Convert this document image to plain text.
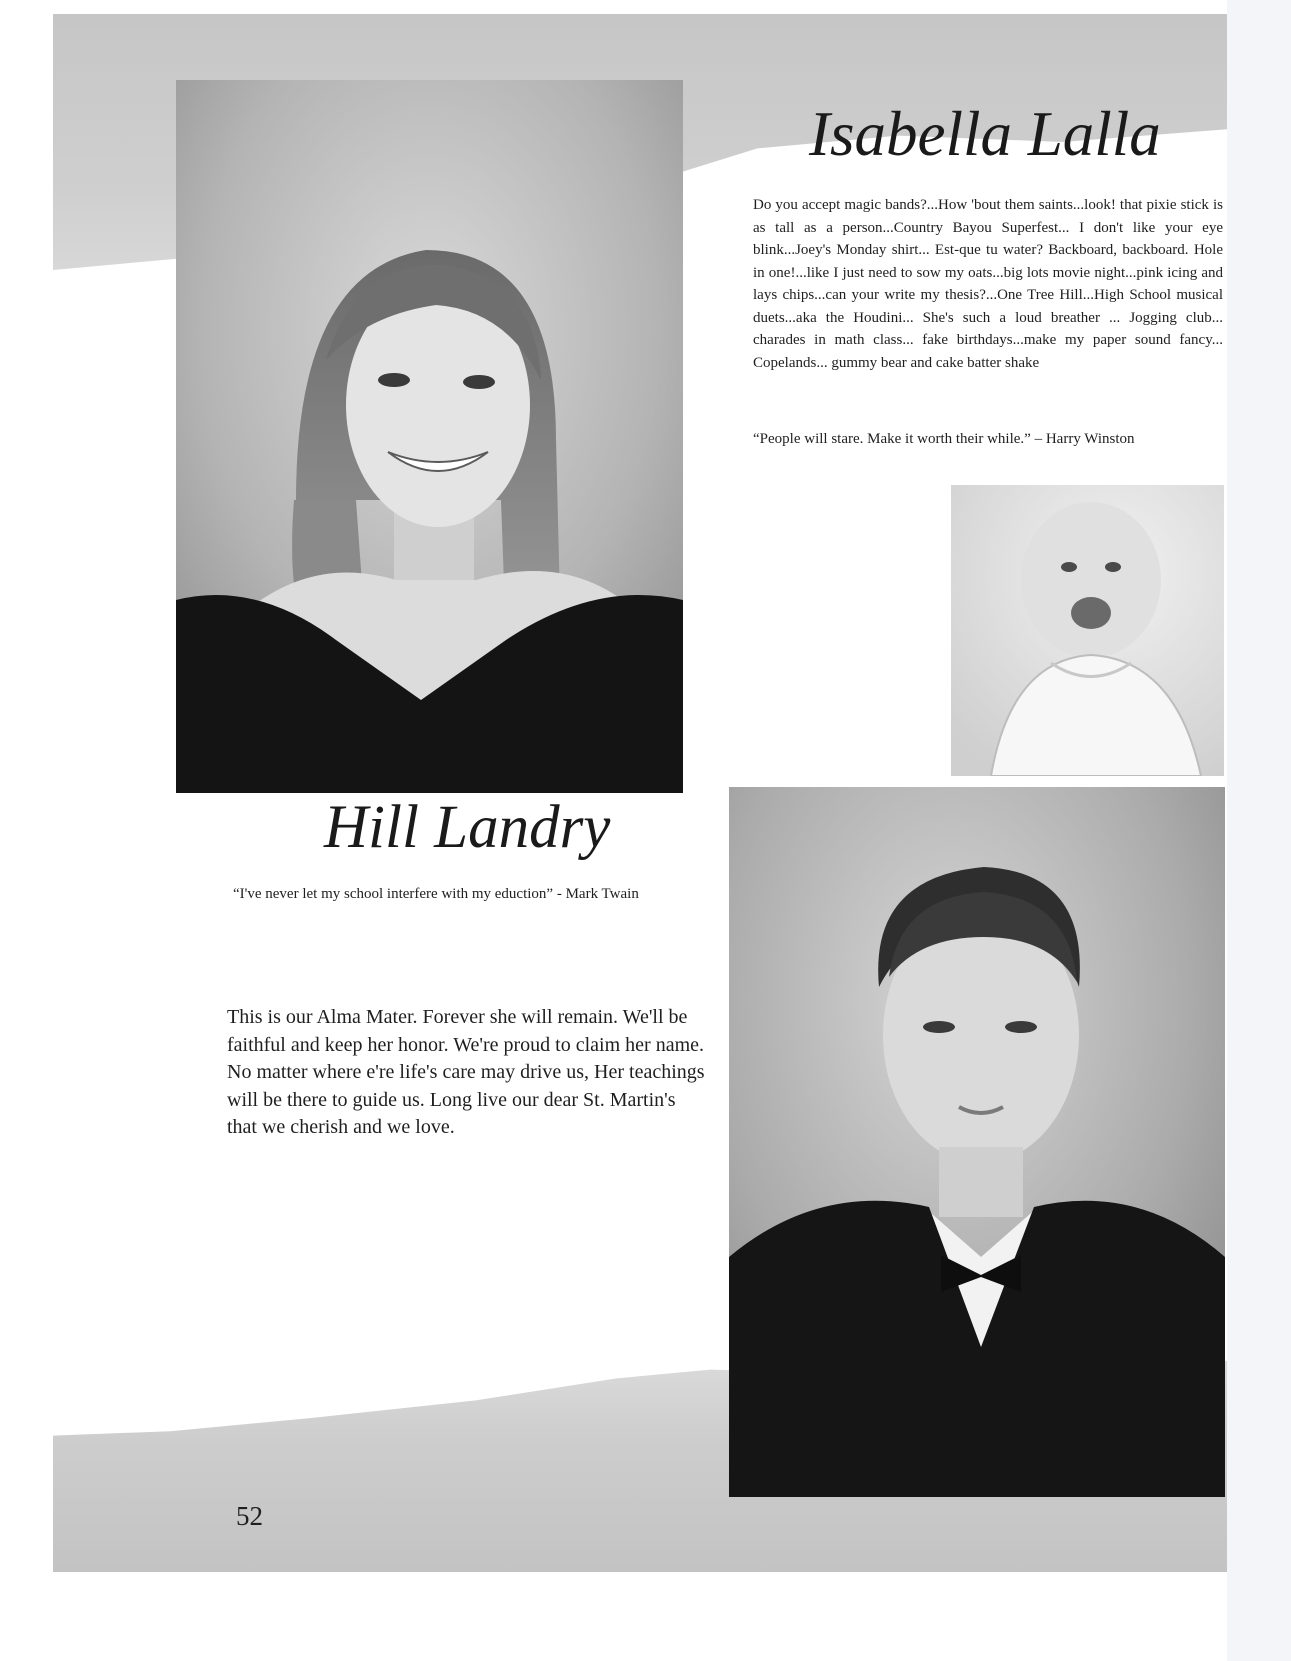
Isabella Lalla
Do you accept magic bands?...How 'bout them saints...look! that pixie stick is as tall as a person...Country Bayou Superfest... I don't like your eye blink...Joey's Monday shirt... Est-que tu water? Backboard, backboard. Hole in one!...like I just need to sow my oats...big lots movie night...pink icing and lays chips...can your write my thesis?...One Tree Hill...High School musical duets...aka the Houdini... She's such a loud breather ... Jogging club... charades in math class... fake birthdays...make my paper sound fancy... Copelands... gummy bear and cake batter shake
“People will stare. Make it worth their while.” – Harry Winston
Hill Landry
“I've never let my school interfere with my eduction” - Mark Twain
This is our Alma Mater. Forever she will remain. We'll be faithful and keep her honor. We're proud to claim her name. No matter where e're life's care may drive us, Her teachings will be there to guide us. Long live our dear St. Martin's that we cherish and we love.
52
